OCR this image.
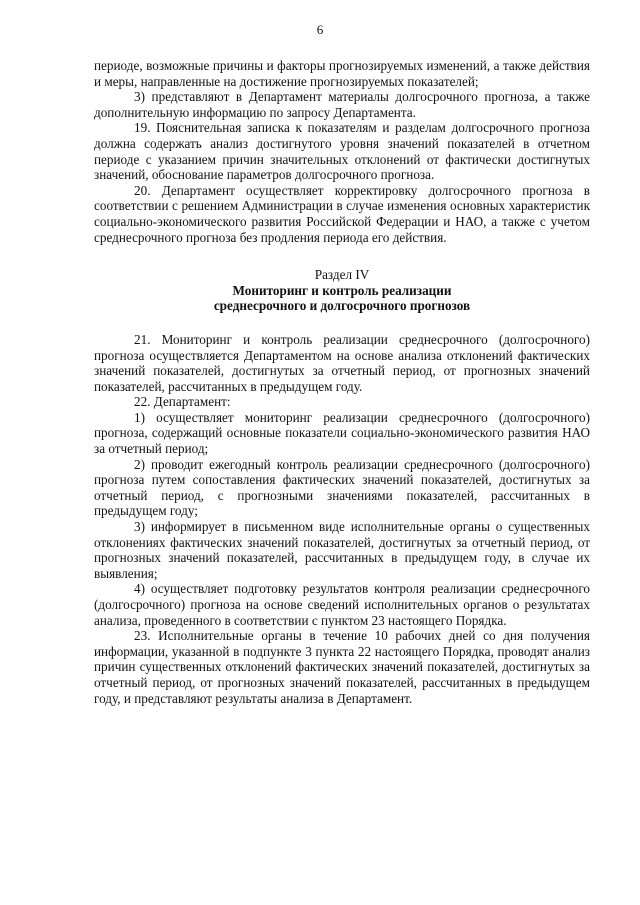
6

периоде, возможные причины и факторы прогнозируемых изменений, а также действия и меры, направленные на достижение прогнозируемых показателей;

3) представляют в Департамент материалы долгосрочного прогноза, а также дополнительную информацию по запросу Департамента.

19. Пояснительная записка к показателям и разделам долгосрочного прогноза должна содержать анализ достигнутого уровня значений показателей в отчетном периоде с указанием причин значительных отклонений от фактически достигнутых значений, обоснование параметров долгосрочного прогноза.

20. Департамент осуществляет корректировку долгосрочного прогноза в соответствии с решением Администрации в случае изменения основных характеристик социально-экономического развития Российской Федерации и НАО, а также с учетом среднесрочного прогноза без продления периода его действия.

Раздел IV
Мониторинг и контроль реализации
среднесрочного и долгосрочного прогнозов

21. Мониторинг и контроль реализации среднесрочного (долгосрочного) прогноза осуществляется Департаментом на основе анализа отклонений фактических значений показателей, достигнутых за отчетный период, от прогнозных значений показателей, рассчитанных в предыдущем году.

22. Департамент:

1) осуществляет мониторинг реализации среднесрочного (долгосрочного) прогноза, содержащий основные показатели социально-экономического развития НАО за отчетный период;

2) проводит ежегодный контроль реализации среднесрочного (долгосрочного) прогноза путем сопоставления фактических значений показателей, достигнутых за отчетный период, с прогнозными значениями показателей, рассчитанных в предыдущем году;

3) информирует в письменном виде исполнительные органы о существенных отклонениях фактических значений показателей, достигнутых за отчетный период, от прогнозных значений показателей, рассчитанных в предыдущем году, в случае их выявления;

4) осуществляет подготовку результатов контроля реализации среднесрочного (долгосрочного) прогноза на основе сведений исполнительных органов о результатах анализа, проведенного в соответствии с пунктом 23 настоящего Порядка.

23. Исполнительные органы в течение 10 рабочих дней со дня получения информации, указанной в подпункте 3 пункта 22 настоящего Порядка, проводят анализ причин существенных отклонений фактических значений показателей, достигнутых за отчетный период, от прогнозных значений показателей, рассчитанных в предыдущем году, и представляют результаты анализа в Департамент.
